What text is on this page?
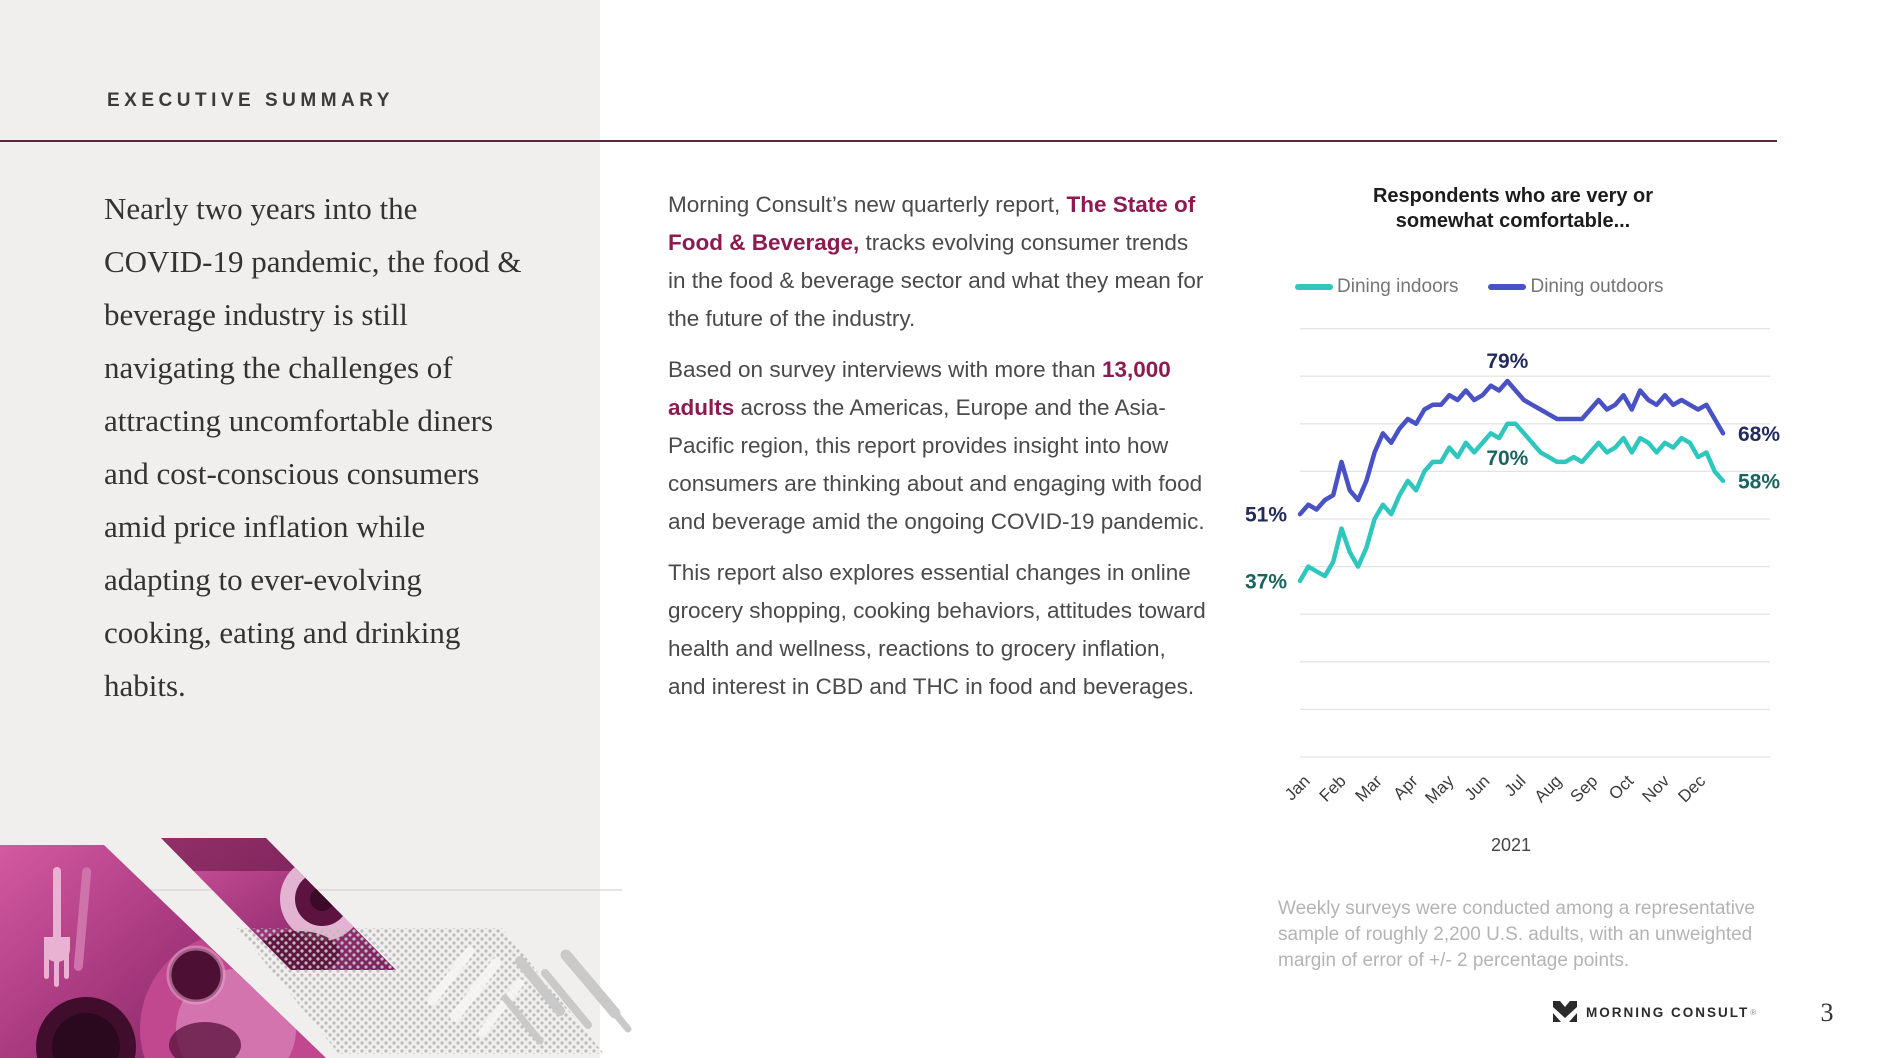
EXECUTIVE SUMMARY
Nearly two years into the COVID-19 pandemic, the food & beverage industry is still navigating the challenges of attracting uncomfortable diners and cost-conscious consumers amid price inflation while adapting to ever-evolving cooking, eating and drinking habits.

Morning Consult’s new quarterly report, The State of Food & Beverage, tracks evolving consumer trends in the food & beverage sector and what they mean for the future of the industry.

Based on survey interviews with more than 13,000 adults across the Americas, Europe and the Asia-Pacific region, this report provides insight into how consumers are thinking about and engaging with food and beverage amid the ongoing COVID-19 pandemic.

This report also explores essential changes in online grocery shopping, cooking behaviors, attitudes toward health and wellness, reactions to grocery inflation, and interest in CBD and THC in food and beverages.

Respondents who are very or somewhat comfortable...
Dining indoors	Dining outdoors
Jan Feb Mar Apr May Jun Jul Aug Sep Oct Nov Dec
2021
51%
37%
79%
70%
68%
58%
Weekly surveys were conducted among a representative sample of roughly 2,200 U.S. adults, with an unweighted margin of error of +/- 2 percentage points.
MORNING CONSULT ®	3
